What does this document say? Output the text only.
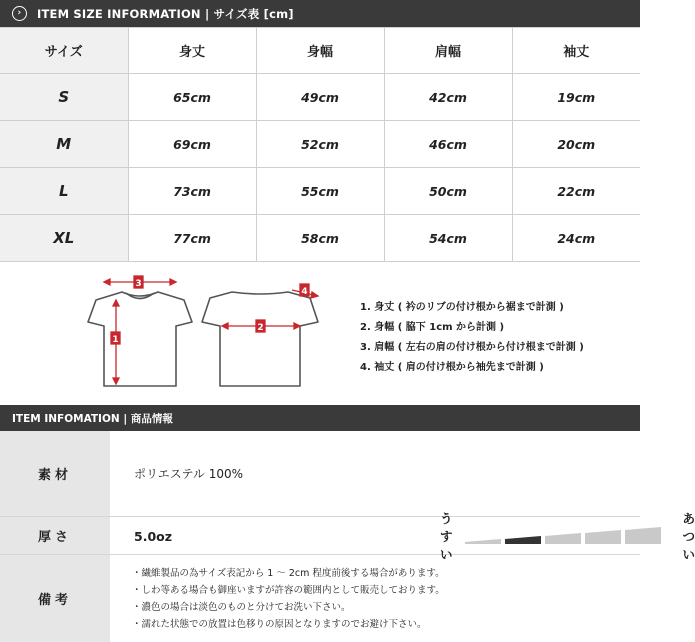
›	ITEM SIZE INFORMATION | サイズ表 [cm]
サイズ	身丈	身幅	肩幅	袖丈
S	65cm	49cm	42cm	19cm
M	69cm	52cm	46cm	20cm
L	73cm	55cm	50cm	22cm
XL	77cm	58cm	54cm	24cm
3
1
2
4
1. 身丈 ( 衿のリブの付け根から裾まで計測 )
2. 身幅 ( 脇下 1cm から計測 )
3. 肩幅 ( 左右の肩の付け根から付け根まで計測 )
4. 袖丈 ( 肩の付け根から袖先まで計測 )
ITEM INFOMATION | 商品情報
素材	ポリエステル 100%
厚さ	5.0oz
うすい
あつい
備考
・繊維製品の為サイズ表記から 1 ～ 2cm 程度前後する場合があります。
・しわ等ある場合も御座いますが許容の範囲内として販売しております。
・濃色の場合は淡色のものと分けてお洗い下さい。
・濡れた状態での放置は色移りの原因となりますのでお避け下さい。
